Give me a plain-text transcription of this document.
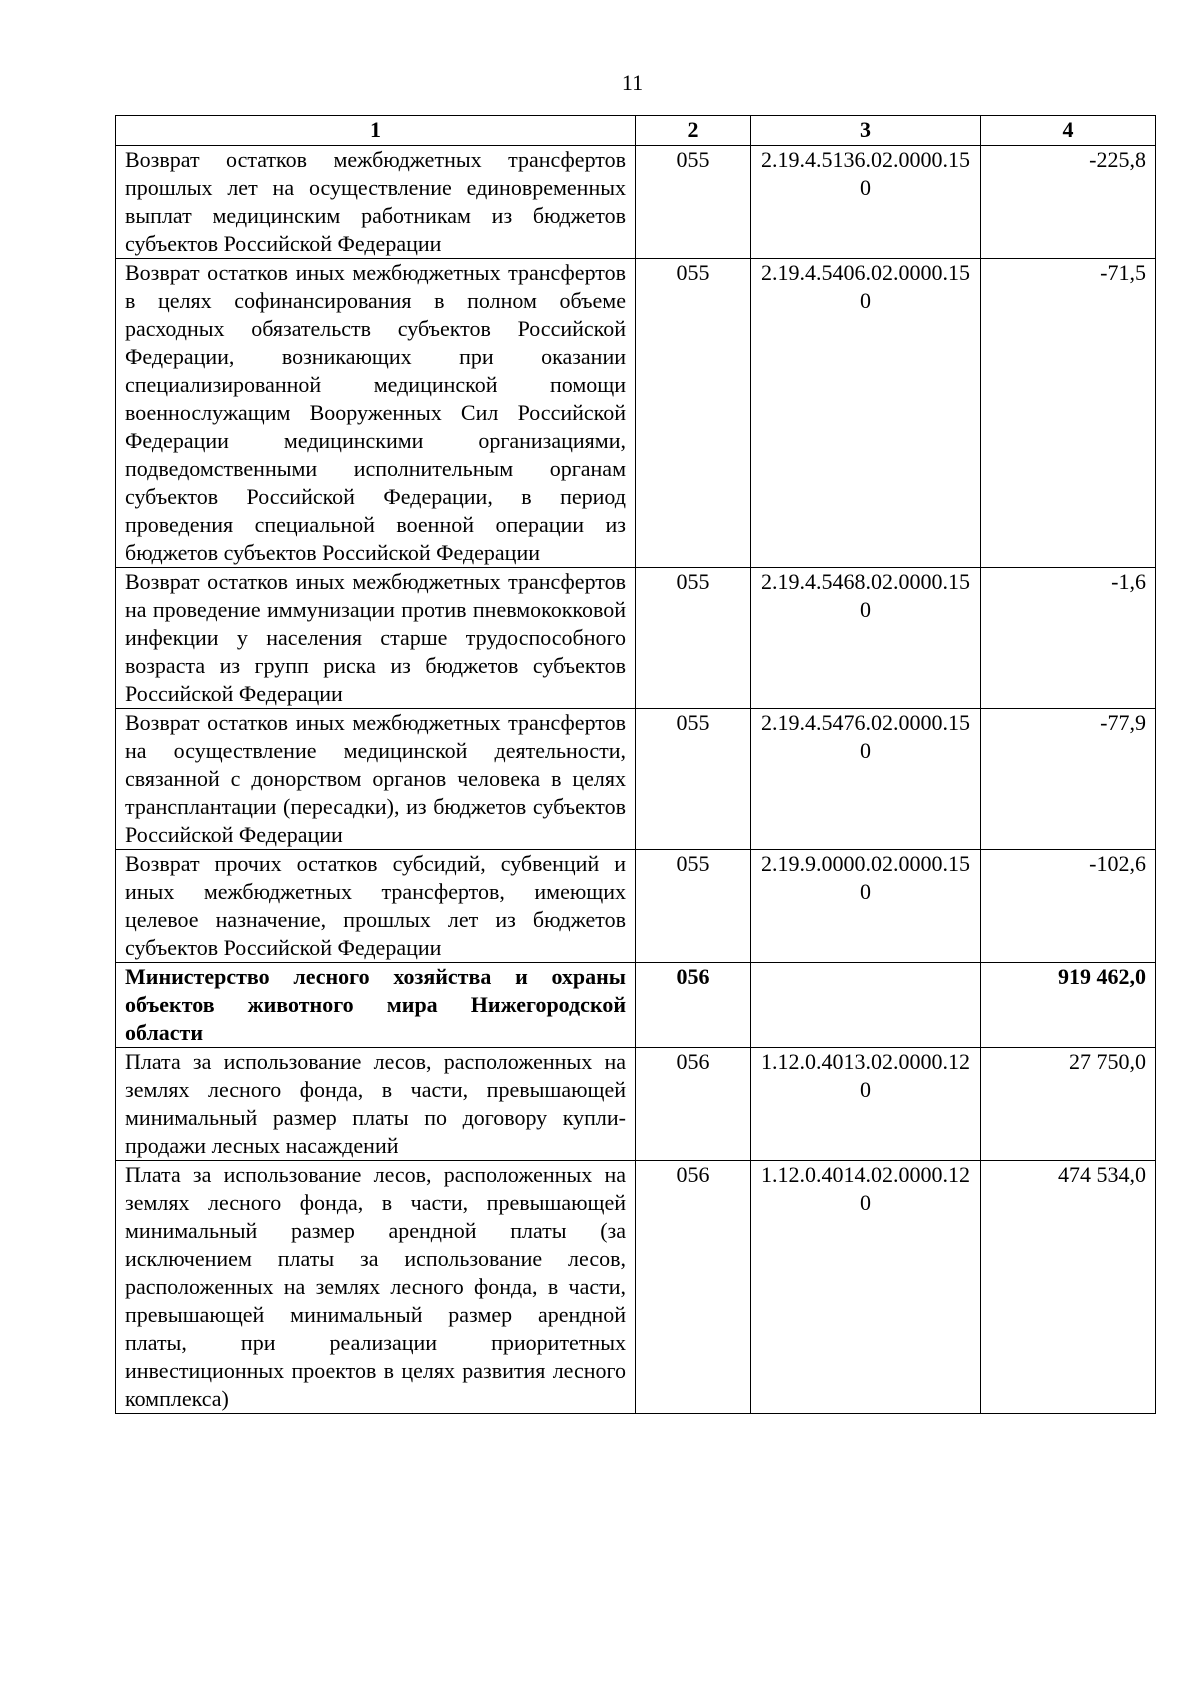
11
1	2	3	4
Возврат остатков межбюджетных трансфертов прошлых лет на осуществление единовременных выплат медицинским работникам из бюджетов субъектов Российской Федерации	055	2.19.4.5136.02.0000.150	-225,8
Возврат остатков иных межбюджетных трансфертов в целях софинансирования в полном объеме расходных обязательств субъектов Российской Федерации, возникающих при оказании специализированной медицинской помощи военнослужащим Вооруженных Сил Российской Федерации медицинскими организациями, подведомственными исполнительным органам субъектов Российской Федерации, в период проведения специальной военной операции из бюджетов субъектов Российской Федерации	055	2.19.4.5406.02.0000.150	-71,5
Возврат остатков иных межбюджетных трансфертов на проведение иммунизации против пневмококковой инфекции у населения старше трудоспособного возраста из групп риска из бюджетов субъектов Российской Федерации	055	2.19.4.5468.02.0000.150	-1,6
Возврат остатков иных межбюджетных трансфертов на осуществление медицинской деятельности, связанной с донорством органов человека в целях трансплантации (пересадки), из бюджетов субъектов Российской Федерации	055	2.19.4.5476.02.0000.150	-77,9
Возврат прочих остатков субсидий, субвенций и иных межбюджетных трансфертов, имеющих целевое назначение, прошлых лет из бюджетов субъектов Российской Федерации	055	2.19.9.0000.02.0000.150	-102,6
Министерство лесного хозяйства и охраны объектов животного мира Нижегородской области	056		919 462,0
Плата за использование лесов, расположенных на землях лесного фонда, в части, превышающей минимальный размер платы по договору купли-продажи лесных насаждений	056	1.12.0.4013.02.0000.120	27 750,0
Плата за использование лесов, расположенных на землях лесного фонда, в части, превышающей минимальный размер арендной платы (за исключением платы за использование лесов, расположенных на землях лесного фонда, в части, превышающей минимальный размер арендной платы, при реализации приоритетных инвестиционных проектов в целях развития лесного комплекса)	056	1.12.0.4014.02.0000.120	474 534,0
